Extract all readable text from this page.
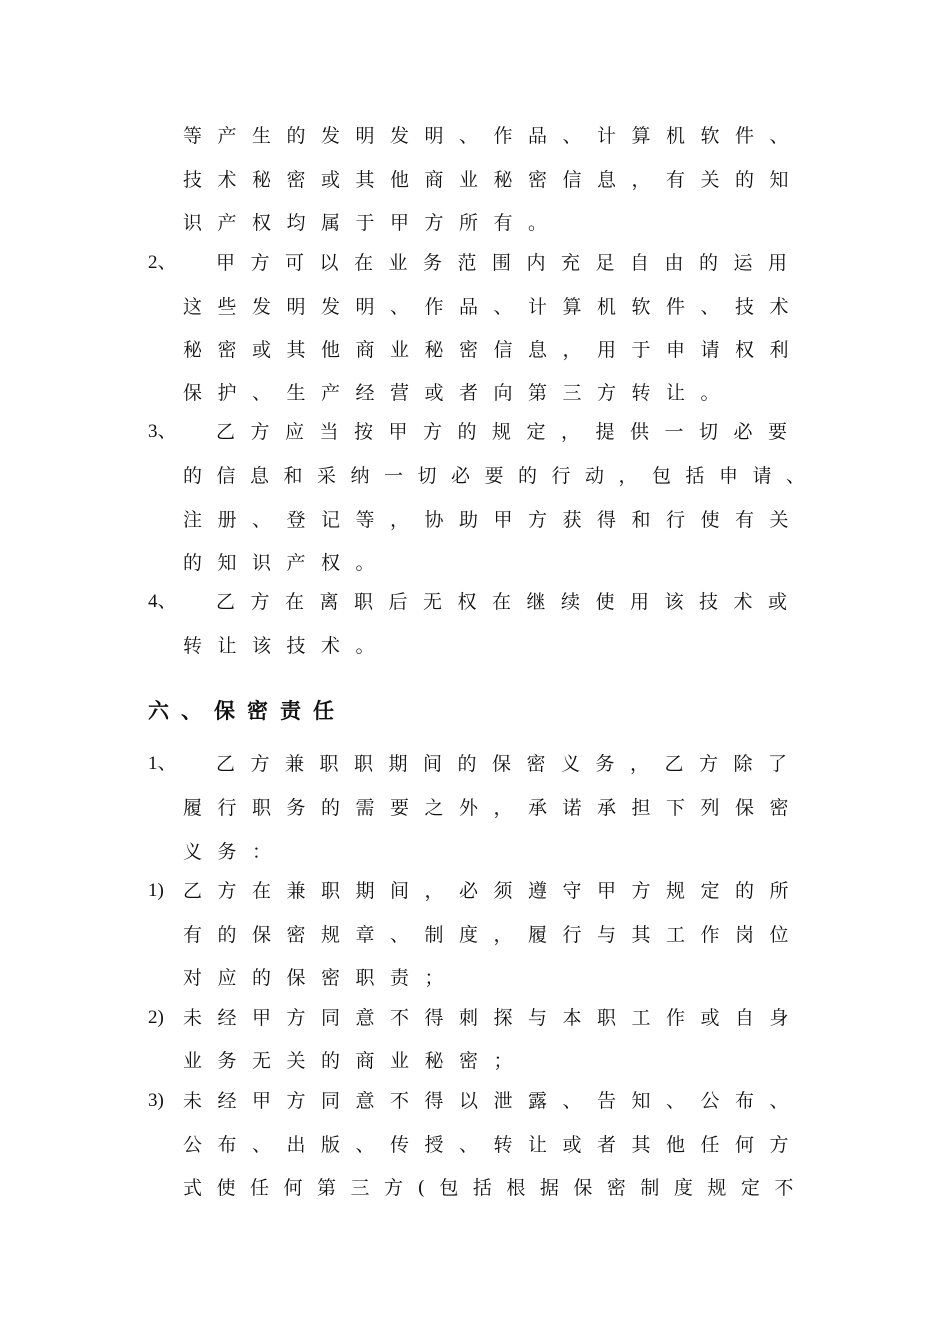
等产生的发明发明、作品、计算机软件、
技术秘密或其他商业秘密信息，有关的知
识产权均属于甲方所有。
2、 甲方可以在业务范围内充足自由的运用
这些发明发明、作品、计算机软件、技术
秘密或其他商业秘密信息，用于申请权利
保护、生产经营或者向第三方转让。
3、 乙方应当按甲方的规定，提供一切必要
的信息和采纳一切必要的行动，包括申请、
注册、登记等，协助甲方获得和行使有关
的知识产权。
4、 乙方在离职后无权在继续使用该技术或
转让该技术。
六、保密责任
1、 乙方兼职职期间的保密义务，乙方除了
履行职务的需要之外，承诺承担下列保密
义务：
1) 乙方在兼职期间，必须遵守甲方规定的所
有的保密规章、制度，履行与其工作岗位
对应的保密职责；
2) 未经甲方同意不得刺探与本职工作或自身
业务无关的商业秘密；
3) 未经甲方同意不得以泄露、告知、公布、
公布、出版、传授、转让或者其他任何方
式使任何第三方(包括根据保密制度规定不
